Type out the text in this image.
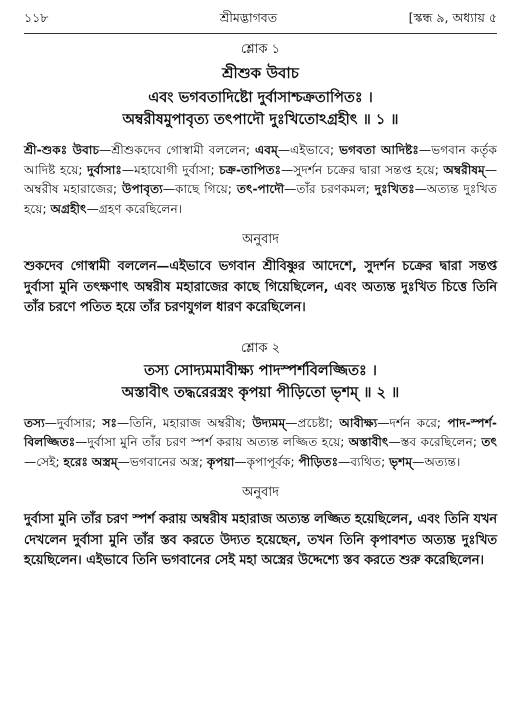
১১৮	শ্রীমদ্ভাগবত	[স্কন্ধ ৯, অধ্যায় ৫
শ্লোক ১
শ্রীশুক উবাচ
এবং ভগবতাদিষ্টো দুর্বাসাশ্চক্রতাপিতঃ ।
অম্বরীষমুপাবৃত্য তৎপাদৌ দুঃখিতোঽগ্রহীৎ ॥ ১ ॥
শ্রী-শুকঃ উবাচ—শ্রীশুকদেব গোস্বামী বললেন; এবম্—এইভাবে; ভগবতা আদিষ্টঃ—ভগবান কর্তৃক আদিষ্ট হয়ে; দুর্বাসাঃ—মহাযোগী দুর্বাসা; চক্র-তাপিতঃ—সুদর্শন চক্রের দ্বারা সন্তপ্ত হয়ে; অম্বরীষম্—অম্বরীষ মহারাজের; উপাবৃত্য—কাছে গিয়ে; তৎ-পাদৌ—তাঁর চরণকমল; দুঃখিতঃ—অত্যন্ত দুঃখিত হয়ে; অগ্রহীৎ—গ্রহণ করেছিলেন।
অনুবাদ
শুকদেব গোস্বামী বললেন—এইভাবে ভগবান শ্রীবিষ্ণুর আদেশে, সুদর্শন চক্রের দ্বারা সন্তপ্ত দুর্বাসা মুনি তৎক্ষণাৎ অম্বরীষ মহারাজের কাছে গিয়েছিলেন, এবং অত্যন্ত দুঃখিত চিত্তে তিনি তাঁর চরণে পতিত হয়ে তাঁর চরণযুগল ধারণ করেছিলেন।
শ্লোক ২
তস্য সোদ্যমমাবীক্ষ্য পাদস্পর্শবিলজ্জিতঃ ।
অস্তাবীৎ তদ্ধরেরস্ত্রং কৃপয়া পীড়িতো ভৃশম্ ॥ ২ ॥
তস্য—দুর্বাসার; সঃ—তিনি, মহারাজ অম্বরীষ; উদ্যমম্—প্রচেষ্টা; আবীক্ষ্য—দর্শন করে; পাদ-স্পর্শ-বিলজ্জিতঃ—দুর্বাসা মুনি তাঁর চরণ স্পর্শ করায় অত্যন্ত লজ্জিত হয়ে; অস্তাবীৎ—স্তব করেছিলেন; তৎ—সেই; হরেঃ অস্ত্রম্—ভগবানের অস্ত্র; কৃপয়া—কৃপাপূর্বক; পীড়িতঃ—ব্যথিত; ভৃশম্—অত্যন্ত।
অনুবাদ
দুর্বাসা মুনি তাঁর চরণ স্পর্শ করায় অম্বরীষ মহারাজ অত্যন্ত লজ্জিত হয়েছিলেন, এবং তিনি যখন দেখলেন দুর্বাসা মুনি তাঁর স্তব করতে উদ্যত হয়েছেন, তখন তিনি কৃপাবশত অত্যন্ত দুঃখিত হয়েছিলেন। এইভাবে তিনি ভগবানের সেই মহা অস্ত্রের উদ্দেশ্যে স্তব করতে শুরু করেছিলেন।
